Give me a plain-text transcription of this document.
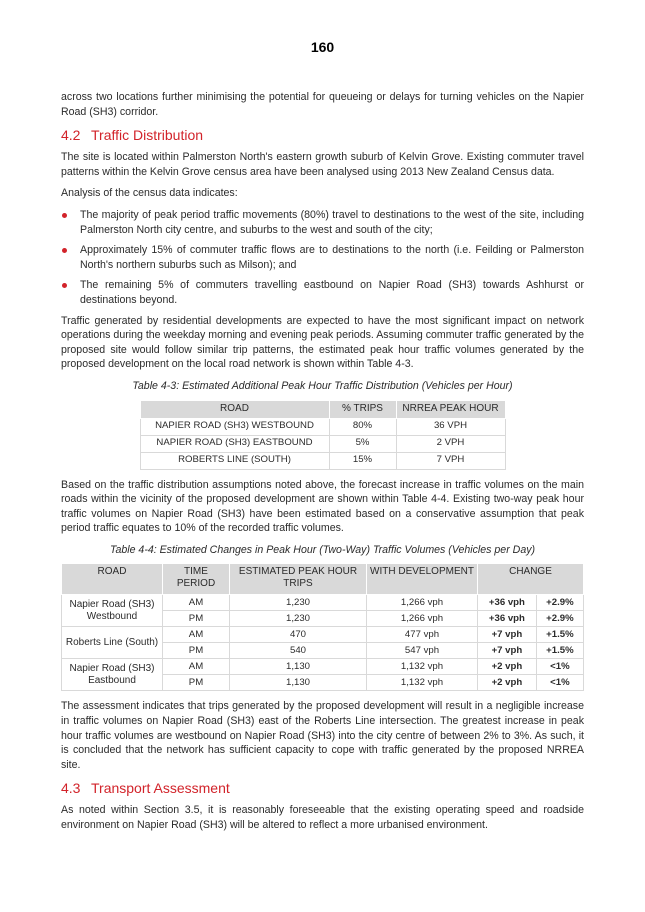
160

across two locations further minimising the potential for queueing or delays for turning vehicles on the Napier Road (SH3) corridor.

4.2 Traffic Distribution

The site is located within Palmerston North's eastern growth suburb of Kelvin Grove. Existing commuter travel patterns within the Kelvin Grove census area have been analysed using 2013 New Zealand Census data.

Analysis of the census data indicates:

The majority of peak period traffic movements (80%) travel to destinations to the west of the site, including Palmerston North city centre, and suburbs to the west and south of the city;
Approximately 15% of commuter traffic flows are to destinations to the north (i.e. Feilding or Palmerston North's northern suburbs such as Milson); and
The remaining 5% of commuters travelling eastbound on Napier Road (SH3) towards Ashhurst or destinations beyond.

Traffic generated by residential developments are expected to have the most significant impact on network operations during the weekday morning and evening peak periods. Assuming commuter traffic generated by the proposed site would follow similar trip patterns, the estimated peak hour traffic volumes generated by the proposed development on the local road network is shown within Table 4-3.

Table 4-3: Estimated Additional Peak Hour Traffic Distribution (Vehicles per Hour)
ROAD	% TRIPS	NRREA PEAK HOUR
NAPIER ROAD (SH3) WESTBOUND	80%	36 VPH
NAPIER ROAD (SH3) EASTBOUND	5%	2 VPH
ROBERTS LINE (SOUTH)	15%	7 VPH

Based on the traffic distribution assumptions noted above, the forecast increase in traffic volumes on the main roads within the vicinity of the proposed development are shown within Table 4-4. Existing two-way peak hour traffic volumes on Napier Road (SH3) have been estimated based on a conservative assumption that peak period traffic equates to 10% of the recorded traffic volumes.

Table 4-4: Estimated Changes in Peak Hour (Two-Way) Traffic Volumes (Vehicles per Day)
ROAD	TIME PERIOD	ESTIMATED PEAK HOUR TRIPS	WITH DEVELOPMENT	CHANGE	
Napier Road (SH3) Westbound	AM	1,230	1,266 vph	+36 vph	+2.9%
	PM	1,230	1,266 vph	+36 vph	+2.9%
Roberts Line (South)	AM	470	477 vph	+7 vph	+1.5%
	PM	540	547 vph	+7 vph	+1.5%
Napier Road (SH3) Eastbound	AM	1,130	1,132 vph	+2 vph	<1%
	PM	1,130	1,132 vph	+2 vph	<1%

The assessment indicates that trips generated by the proposed development will result in a negligible increase in traffic volumes on Napier Road (SH3) east of the Roberts Line intersection. The greatest increase in peak hour traffic volumes are westbound on Napier Road (SH3) into the city centre of between 2% to 3%. As such, it is concluded that the network has sufficient capacity to cope with traffic generated by the proposed NRREA site.

4.3 Transport Assessment

As noted within Section 3.5, it is reasonably foreseeable that the existing operating speed and roadside environment on Napier Road (SH3) will be altered to reflect a more urbanised environment.
